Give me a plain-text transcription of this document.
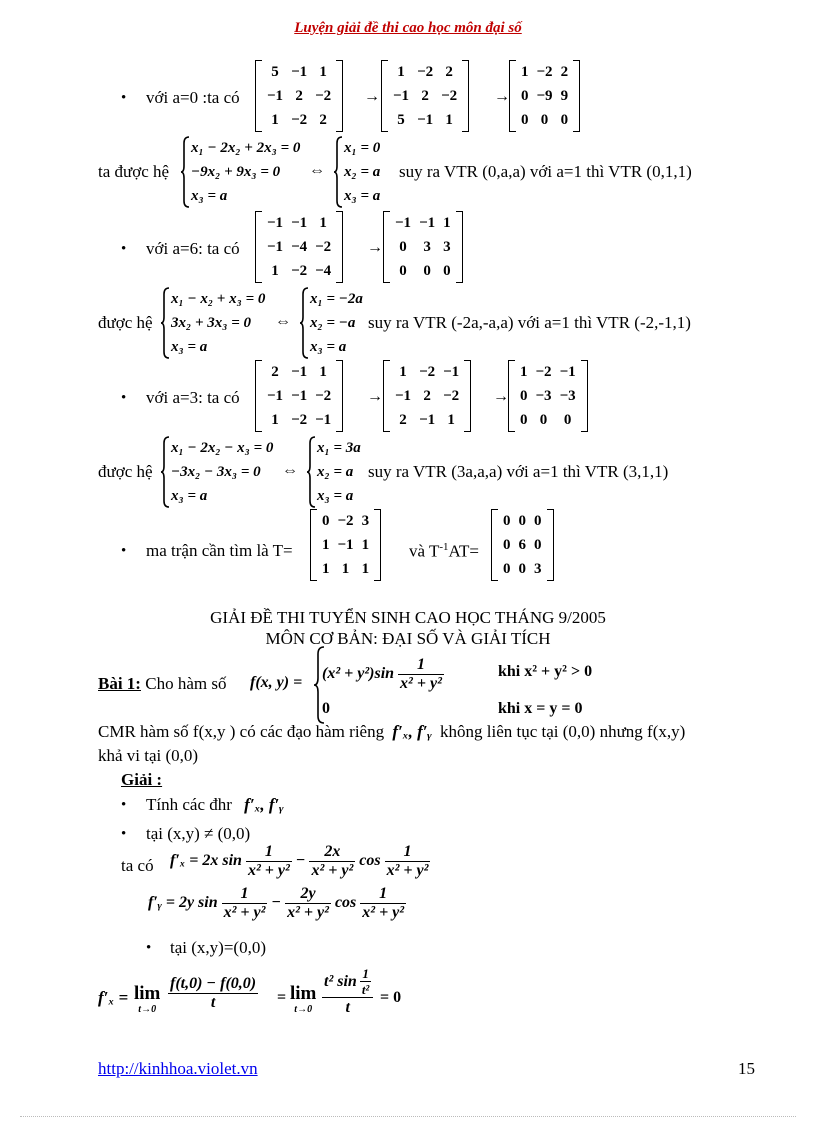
Luyện giải đề thi cao học môn đại số
• với a=0 :ta có
5	−1	1
−1	2	−2
1	−2	2
→
1	−2	2
−1	2	−2
5	−1	1
→
1	−2	2
0	−9	9
0	0	0
ta được hệ
x₁ − 2x₂ + 2x₃ = 0
−9x₂ + 9x₃ = 0
x₃ = a
⇔
x₁ = 0
x₂ = a
x₃ = a
suy ra VTR (0,a,a) với a=1 thì VTR (0,1,1)
• với a=6: ta có
−1	−1	1
−1	−4	−2
1	−2	−4
→
−1	−1	1
0	3	3
0	0	0
được hệ
x₁ − x₂ + x₃ = 0
3x₂ + 3x₃ = 0
x₃ = a
⇔
x₁ = −2a
x₂ = −a
x₃ = a
suy ra VTR (-2a,-a,a) với a=1 thì VTR (-2,-1,1)
• với a=3: ta có
2	−1	1
−1	−1	−2
1	−2	−1
→
1	−2	−1
−1	2	−2
2	−1	1
→
1	−2	−1
0	−3	−3
0	0	0
được hệ
x₁ − 2x₂ − x₃ = 0
−3x₂ − 3x₃ = 0
x₃ = a
⇔
x₁ = 3a
x₂ = a
x₃ = a
suy ra VTR (3a,a,a) với a=1 thì VTR (3,1,1)
• ma trận cần tìm là T=
0	−2	3
1	−1	1
1	1	1
và $T^{-1}AT=$
0	0	0
0	6	0
0	0	3
GIẢI ĐỀ THI TUYỂN SINH CAO HỌC THÁNG 9/2005
MÔN CƠ BẢN: ĐẠI SỐ VÀ GIẢI TÍCH
Bài 1: Cho hàm số f(x, y) =
$(x^2 + y^2)\sin \frac{1}{\text{x² + y²}}$	khi x² + y² > 0
0	khi x = y = 0
CMR hàm số f(x,y ) có các đạo hàm riêng f′ₓ, f′ᵧ không liên tục tại (0,0) nhưng f(x,y)
khả vi tại (0,0)
Giải :
• Tính các đhr f′ₓ, f′ᵧ
• tại (x,y) ≠ (0,0)
ta có f′ₓ = 2x $\sin \frac{1}{\text{x² + y²}} - \frac{2x}{\text{x² + y²}}$ $\cos \frac{1}{\text{x² + y²}}$
f′ᵧ = 2y $\sin \frac{1}{\text{x² + y²}} - \frac{2y}{\text{x² + y²}}$ $\cos \frac{1}{\text{x² + y²}}$
• tại (x,y)=(0,0)
f′ₓ = lim
$t\to 0 \frac{f(t,0) - f(0,0)}{t} = \lim$
$t\to 0 \frac{t^2 \sin \frac{1}{\text{t²}}}{t} = 0$
http://kinhhoa.violet.vn	15
